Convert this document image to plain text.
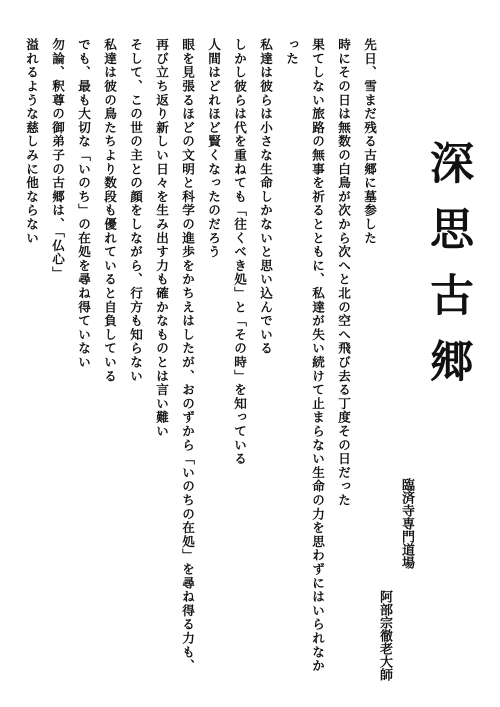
深思古郷
臨済寺専門道場
阿部宗徹老大師

先日、雪まだ残る古郷に墓参した

時にその日は無数の白鳥が次から次へと北の空へ飛び去る丁度その日だった

果てしない旅路の無事を祈るとともに、私達が失い続けて止まらない生命の力を思わずにはいられなかった

私達は彼らは小さな生命しかないと思い込んでいる

しかし彼らは代を重ねても「往くべき処」と「その時」を知っている

人間はどれほど賢くなったのだろう

眼を見張るほどの文明と科学の進歩をかちえはしたが、おのずから「いのちの在処」を尋ね得る力も、

再び立ち返り新しい日々を生み出す力も確かなものとは言い難い

そして、この世の主との顔をしながら、行方も知らない

私達は彼の鳥たちより数段も優れていると自負している

でも、最も大切な「いのち」の在処を尋ね得ていない

勿論、釈尊の御弟子の古郷は、「仏心」

溢れるような慈しみに他ならない
